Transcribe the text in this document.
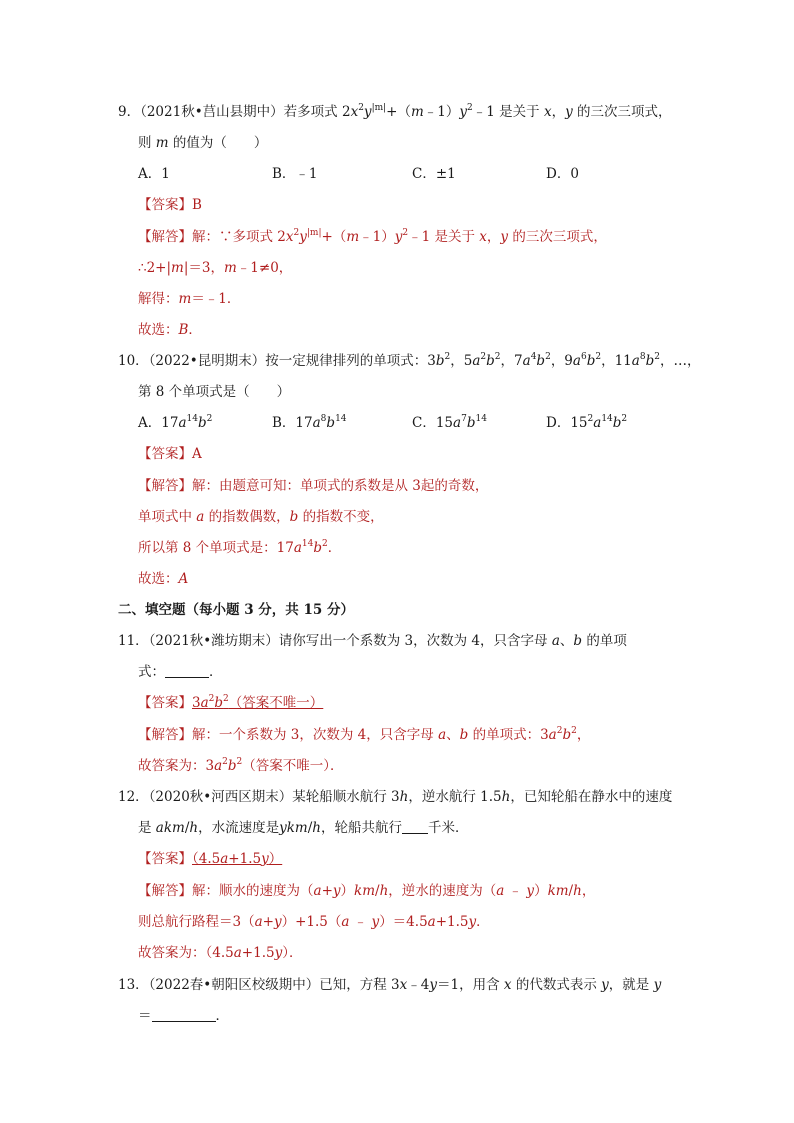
9．（2021秋•莒山县期中）若多项式 $2x^2y^{|m|}+(m﹣1)y^2﹣1$ 是关于 x，y 的三次三项式，
则 m 的值为（　　）
A．1	B．﹣1	C．±1	D．0
【答案】B
【解答】解：∵多项式 $2x^2y^{|m|}+(m﹣1)y^2﹣1$ 是关于 x，y 的三次三项式，
∴2+|m|＝3，m﹣1≠0，
解得：m＝﹣1．
故选：B．
10．（2022•昆明期末）按一定规律排列的单项式：$3b^2$，$5a^2b^2$，$7a^4b^2$，$9a^6b^2$，$11a^8b^2$，…，
第 8 个单项式是（　　）
A．$17a^{14}b^2$	B．$17a^8b^{14}$	C．$15a^7b^{14}$	D．$15^2a^{14}b^2$
【答案】A
【解答】解：由题意可知：单项式的系数是从 3起的奇数，
单项式中 a 的指数偶数，b 的指数不变，
所以第 8 个单项式是：$17a^{14}b^2$．
故选：A
二、填空题（每小题 3 分，共 15 分）
11．（2021秋•潍坊期末）请你写出一个系数为 3，次数为 4，只含字母 a、b 的单项
式：	．
【答案】$3a^2b^2$（答案不唯一）
【解答】解：一个系数为 3，次数为 4，只含字母 a、b 的单项式：$3a^2b^2$，
故答案为：$3a^2b^2$（答案不唯一）．
12．（2020秋•河西区期末）某轮船顺水航行 3h，逆水航行 1.5h，已知轮船在静水中的速度
是 akm/h，水流速度是ykm/h，轮船共航行 千米．
【答案】（4.5a+1.5y）
【解答】解：顺水的速度为（a+y）km/h，逆水的速度为（a ﹣ y）km/h，
则总航行路程＝3（a+y）+1.5（a ﹣ y）＝4.5a+1.5y．
故答案为：（4.5a+1.5y）．
13．（2022春•朝阳区校级期中）已知，方程 3x﹣4y＝1，用含 x 的代数式表示 y，就是 y
＝	．
